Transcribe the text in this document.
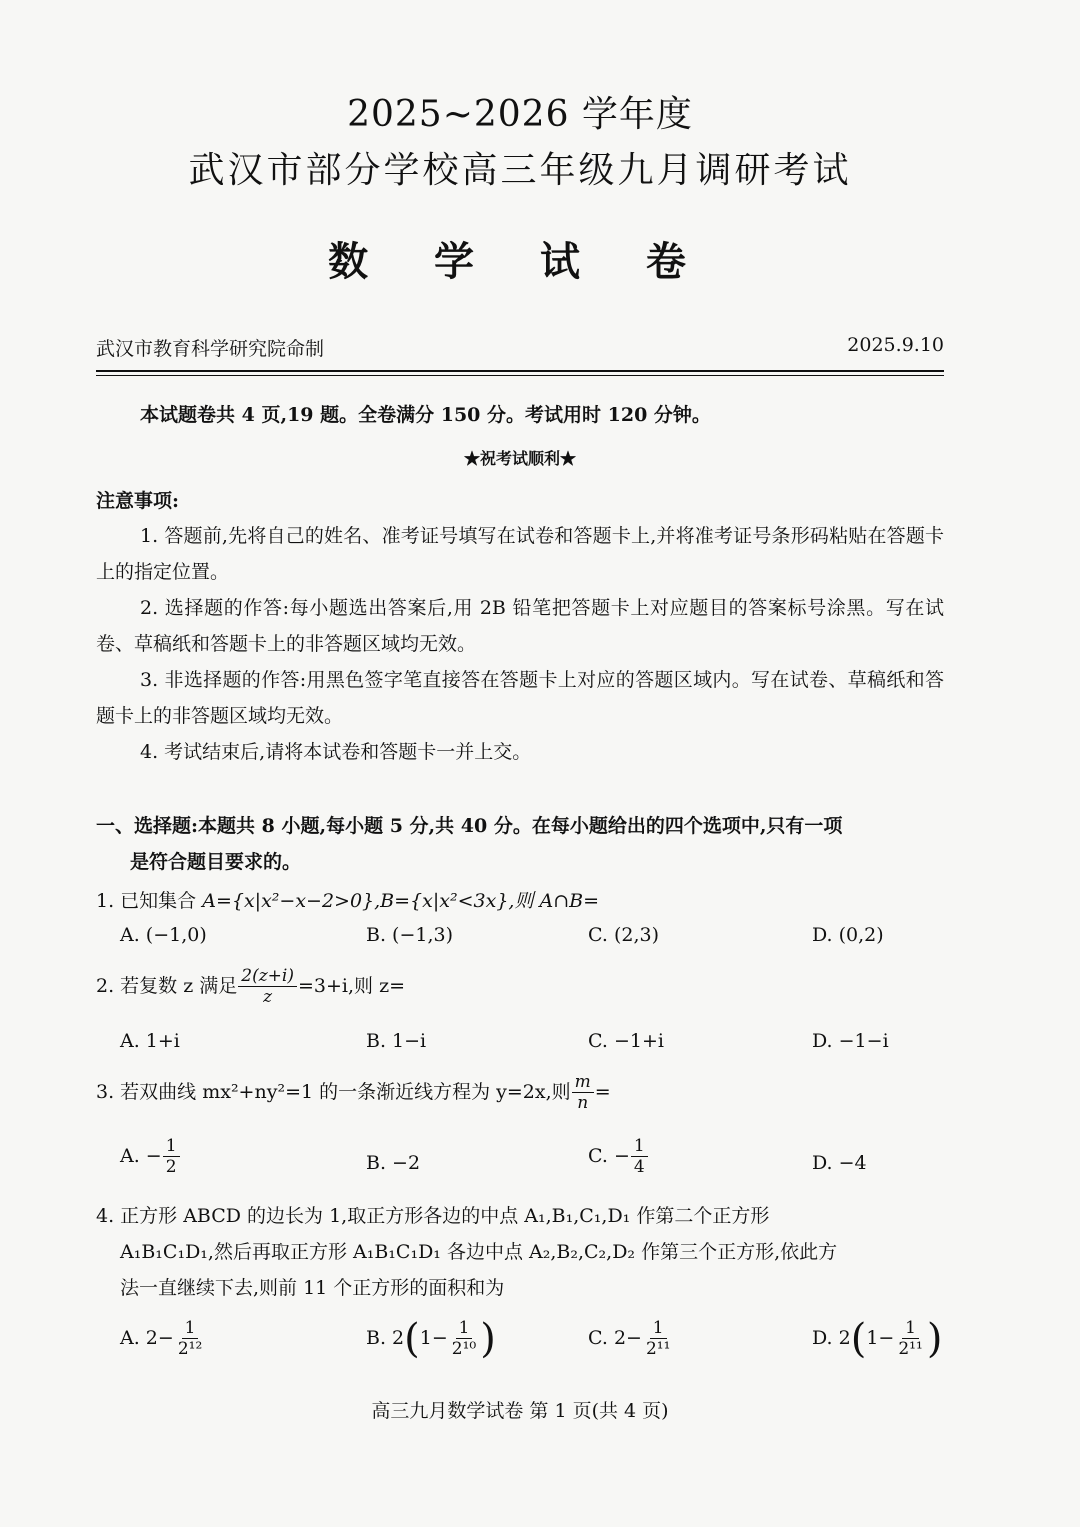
2025~2026 学年度
武汉市部分学校高三年级九月调研考试
数 学 试 卷
武汉市教育科学研究院命制	2025.9.10
本试题卷共 4 页,19 题。全卷满分 150 分。考试用时 120 分钟。
★祝考试顺利★
注意事项:
1. 答题前,先将自己的姓名、准考证号填写在试卷和答题卡上,并将准考证号条形码粘贴在答题卡上的指定位置。
2. 选择题的作答:每小题选出答案后,用 2B 铅笔把答题卡上对应题目的答案标号涂黑。写在试卷、草稿纸和答题卡上的非答题区域均无效。
3. 非选择题的作答:用黑色签字笔直接答在答题卡上对应的答题区域内。写在试卷、草稿纸和答题卡上的非答题区域均无效。
4. 考试结束后,请将本试卷和答题卡一并上交。
一、选择题:本题共 8 小题,每小题 5 分,共 40 分。在每小题给出的四个选项中,只有一项
是符合题目要求的。
1. 已知集合 A={x|x²−x−2>0},B={x|x²<3x},则 A∩B=
A. (−1,0)	B. (−1,3)	C. (2,3)	D. (0,2)
2. 若复数 z 满足 $\frac{2(z+i)}{z} =3+i$,则 z=
A. 1+i	B. 1−i	C. −1+i	D. −1−i
3. 若双曲线 mx²+ny²=1 的一条渐近线方程为 y=2x,则 $\frac{m}{n}$ =
A. − $\frac{1}{2}$	B. −2	C. − $\frac{1}{4}$	D. −4
4. 正方形 ABCD 的边长为 1,取正方形各边的中点 A₁,B₁,C₁,D₁ 作第二个正方形
A₁B₁C₁D₁,然后再取正方形 A₁B₁C₁D₁ 各边中点 A₂,B₂,C₂,D₂ 作第三个正方形,依此方
法一直继续下去,则前 11 个正方形的面积和为
A. $2- \frac{1}{\text{2¹²}}$	B. $2(1- \frac{1}{\text{2¹⁰}}$ )	C. $2- \frac{1}{\text{2¹¹}}$	D. $2(1- \frac{1}{\text{2¹¹}}$ )
高三九月数学试卷 第 1 页(共 4 页)
